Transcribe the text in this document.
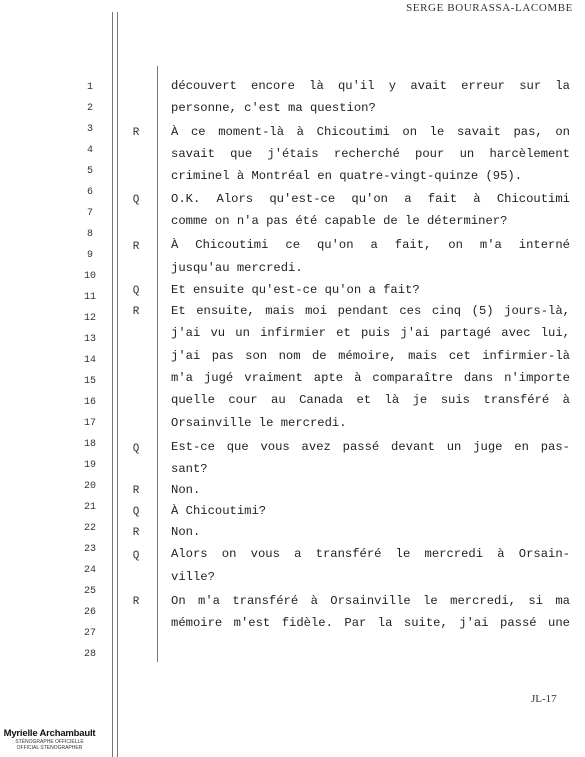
SERGE BOURASSA-LACOMBE
1
2
3
4
5
6
7
8
9
10
11
12
13
14
15
16
17
18
19
20
21
22
23
24
25
26
27
28
R
Q
R
Q
R
Q
R
Q
R
Q
R
découvert encore là qu'il y avait erreur sur la
personne, c'est ma question?
À ce moment-là à Chicoutimi on le savait pas, on
savait que j'étais recherché pour un harcèlement
criminel à Montréal en quatre-vingt-quinze (95).
O.K. Alors qu'est-ce qu'on a fait à Chicoutimi
comme on n'a pas été capable de le déterminer?
À Chicoutimi ce qu'on a fait, on m'a interné
jusqu'au mercredi.
Et ensuite qu'est-ce qu'on a fait?
Et ensuite, mais moi pendant ces cinq (5) jours-là,
j'ai vu un infirmier et puis j'ai partagé avec lui,
j'ai pas son nom de mémoire, mais cet infirmier-là
m'a jugé vraiment apte à comparaître dans n'importe
quelle cour au Canada et là je suis transféré à
Orsainville le mercredi.
Est-ce que vous avez passé devant un juge en pas-
sant?
Non.
À Chicoutimi?
Non.
Alors on vous a transféré le mercredi à Orsain-
ville?
On m'a transféré à Orsainville le mercredi, si ma
mémoire m'est fidèle. Par la suite, j'ai passé une
JL-17
Myrielle Archambault
STÉNOGRAPHE OFFICIELLE
OFFICIAL STENOGRAPHER
